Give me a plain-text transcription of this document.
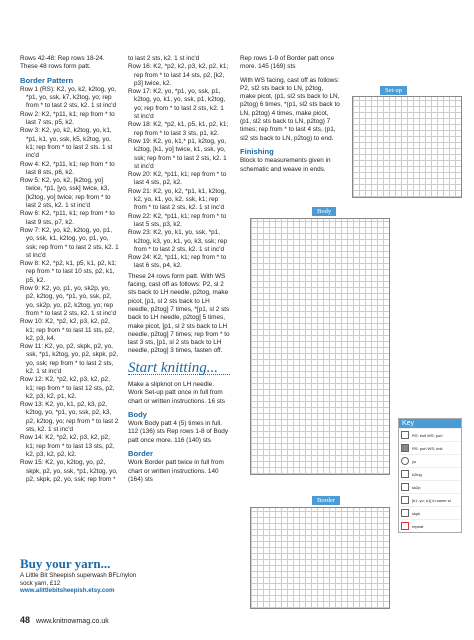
Rows 42-48: Rep rows 18-24. These 48 rows form patt.
Border Pattern
Row 1 (RS): K2, yo, k2, k2tog, yo, *p1, yo, ssk, k7, k2tog, yo; rep from * to last 2 sts, k2. 1 st inc'd
Row 2: K2, *p11, k1; rep from * to last 7 sts, p5, k2.
Row 3: K2, yo, k2, k2tog, yo, k1, *p1, k1, yo, ssk, k5, k2tog, yo, k1; rep from * to last 2 sts. 1 st inc'd
Row 4: K2, *p11, k1; rep from * to last 8 sts, p6, k2.
Row 5: K2, yo, k2, [k2tog, yo] twice, *p1, [yo, ssk] twice, k3, [k2tog, yo] twice; rep from * to last 2 sts, k2. 1 st inc'd
Row 6: K2, *p11, k1; rep from * to last 9 sts, p7, k2.
Row 7: K2, yo, k2, k2tog, yo, p1, yo, ssk, k1, k2tog, yo, p1, yo, ssk; rep from * to last 2 sts, k2. 1 st inc'd
Row 8: K2, *p2, k1, p5, k1, p2, k1; rep from * to last 10 sts, p2, k1, p5, k2.
Row 9: K2, yo, p1, yo, sk2p, yo, p2, k2tog, yo, *p1, yo, ssk, p2, yo, sk2p, yo, p2, k2tog, yo; rep from * to last 2 sts, k2. 1 st inc'd
Row 10: K2, *p2, k2, p3, k2, p2, k1; rep from * to last 11 sts, p2, k2, p3, k4.
Row 11: K2, yo, p2, skpk, p2, yo, ssk, *p1, k2tog, yo, p2, skpk, p2, yo, ssk; rep from * to last 2 sts, k2. 1 st inc'd
Row 12: K2, *p2, k2, p3, k2, p2, k1; rep from * to last 12 sts, p2, k2, p3, k2, p1, k2.
Row 13: K2, yo, k1, p2, k3, p2, k2tog, yo, *p1, yo, ssk, p2, k3, p2, k2tog, yo; rep from * to last 2 sts, k2. 1 st inc'd
Row 14: K2, *p2, k2, p3, k2, p2, k1; rep from * to last 13 sts, p2, k2, p3, k2, p2, k2.
Row 15: K2, yo, k2tog, yo, p2, skpk, p2, yo, ssk, *p1, k2tog, yo, p2, skpk, p2, yo, ssk; rep from *
to last 2 sts, k2. 1 st inc'd
Row 16: K2, *p2, k2, p3, k2, p2, k1; rep from * to last 14 sts, p2, [k2, p3] twice, k2.
Row 17: K2, yo, *p1, yo, ssk, p1, k2tog, yo, k1, yo, ssk, p1, k2tog, yo; rep from * to last 2 sts, k2. 1 st inc'd
Row 18: K2, *p2, k1, p5, k1, p2, k1; rep from * to last 3 sts, p1, k2.
Row 19: K2, yo, k1,* p1, k2tog, yo, k2tog, [k1, yo] twice, k1, ssk, yo, ssk; rep from * to last 2 sts, k2. 1 st inc'd
Row 20: K2, *p11, k1; rep from * to last 4 sts, p2, k2.
Row 21: K2, yo, k2, *p1, k1, k2tog, k2, yo, k1, yo, k2, ssk, k1; rep from * to last 2 sts, k2. 1 st inc'd
Row 22: K2, *p11, k1; rep from * to last 5 sts, p3, k2.
Row 23: K2, yo, k1, yo, ssk, *p1, k2tog, k3, yo, k1, yo, k3, ssk; rep from * to last 2 sts, k2. 1 st inc'd
Row 24: K2, *p11, k1; rep from * to last 6 sts, p4, k2.
These 24 rows form patt. With WS facing, cast off as follows: P2, sl 2 sts back to LH needle, p2tog, make picot, [p1, sl 2 sts back to LH needle, p2tog] 7 times, *[p1, sl 2 sts back to LH needle, p2tog] 5 times, make picot, [p1, sl 2 sts back to LH needle, p2tog] 7 times; rep from * to last 3 sts, [p1, sl 2 sts back to LH needle, p2tog] 3 times, fasten off.
Start knitting...
Make a slipknot on LH needle. Work Set-up patt once in full from chart or written instructions. 16 sts
Body
Work Body patt 4 (5) times in full. 112 (136) sts Rep rows 1-8 of Body patt once more. 116 (140) sts
Border
Work Border patt twice in full from chart or written instructions. 140 (164) sts
Rep rows 1-9 of Border patt once more. 145 (169) sts
With WS facing, cast off as follows: P2, sl2 sts back to LN, p2tog, make picot, (p1, sl2 sts back to LN, p2tog) 6 times, *(p1, sl2 sts back to LN, p2tog) 4 times, make picot, (p1, sl2 sts back to LN, p2tog) 7 times; rep from * to last 4 sts, (p1, sl2 sts back to LN, p2tog) to end.
Finishing
Block to measurements given in schematic and weave in ends.
Set-up
Body
Border
Key
RS: knit WS: purl
RS: purl WS: knit
yo
k2tog
sk2p
[k1, yo, k1] in same st
skpk
repeat
Buy your yarn...
A Little Bit Sheepish superwash BFL/nylon sock yarn, £12
www.alittlebitsheepish.etsy.com
48 www.knitnowmag.co.uk
